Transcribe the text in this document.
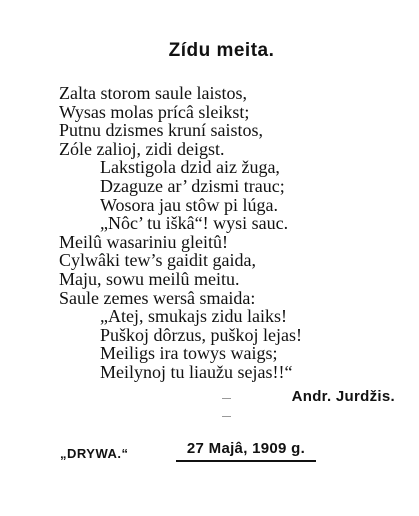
Zídu meita.
Zalta storom saule laistos,
Wysas molas prícâ sleikst;
Putnu dzismes kruní saistos,
Zóle zalioj, zidi deigst.
Lakstigola dzid aiz žuga,
Dzaguze ar’ dzismi trauc;
Wosora jau stôw pi lúga.
„Nôc’ tu iškâ“! wysi sauc.
Meilû wasariniu gleitû!
Cylwâki tew’s gaidit gaida,
Maju, sowu meilû meitu.
Saule zemes wersâ smaida:
„Atej, smukajs zidu laiks!
Puškoj dôrzus, puškoj lejas!
Meiligs ira towys waigs;
Meilynoj tu liaužu sejas!!“
Andr. Jurdžis.
„DRYWA.“	27 Majâ, 1909 g.
